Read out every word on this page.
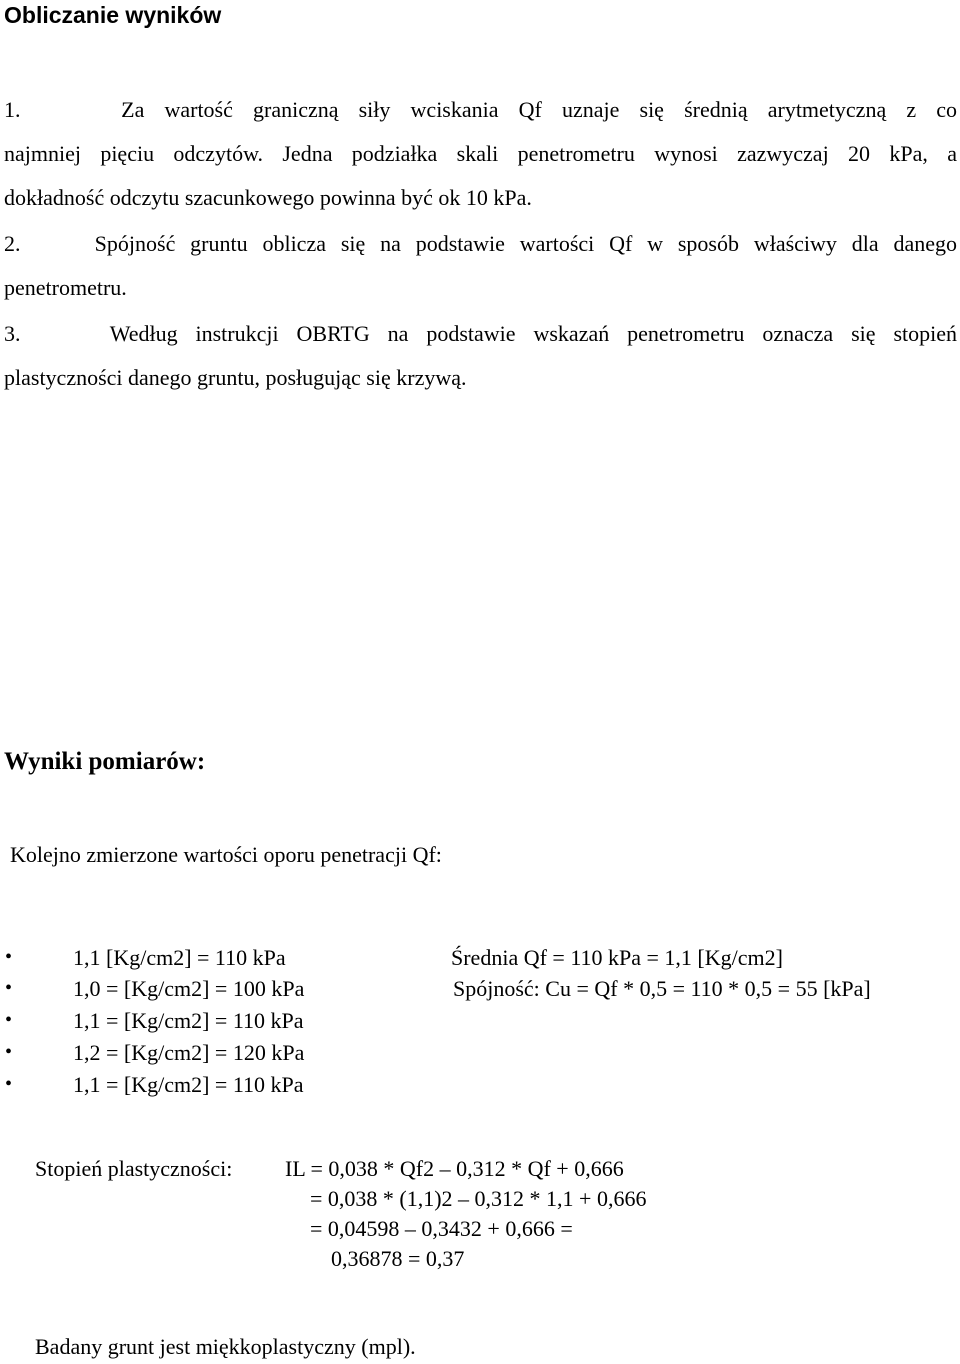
Obliczanie wyników
1.     Za wartość graniczną siły wciskania Qf uznaje się średnią arytmetyczną z co
najmniej pięciu odczytów. Jedna podziałka skali penetrometru wynosi zazwyczaj 20 kPa, a
dokładność odczytu szacunkowego powinna być ok 10 kPa.
2.     Spójność gruntu oblicza się na podstawie wartości Qf w sposób właściwy dla danego
penetrometru.
3.     Według instrukcji OBRTG na podstawie wskazań penetrometru oznacza się stopień
plastyczności danego gruntu, posługując się krzywą.
Wyniki pomiarów:
Kolejno zmierzone wartości oporu penetracji Qf:
•	1,1 [Kg/cm2] = 110 kPa
•	1,0 = [Kg/cm2] = 100 kPa
•	1,1 = [Kg/cm2] = 110 kPa
•	1,2 = [Kg/cm2] = 120 kPa
•	1,1 = [Kg/cm2] = 110 kPa
Średnia Qf = 110 kPa = 1,1 [Kg/cm2]
Spójność: Cu = Qf * 0,5 = 110 * 0,5 = 55 [kPa]
Stopień plastyczności: IL = 0,038 * Qf2 – 0,312 * Qf + 0,666
= 0,038 * (1,1)2 – 0,312 * 1,1 + 0,666
= 0,04598 – 0,3432 + 0,666 =
0,36878 = 0,37
Badany grunt jest miękkoplastyczny (mpl).
